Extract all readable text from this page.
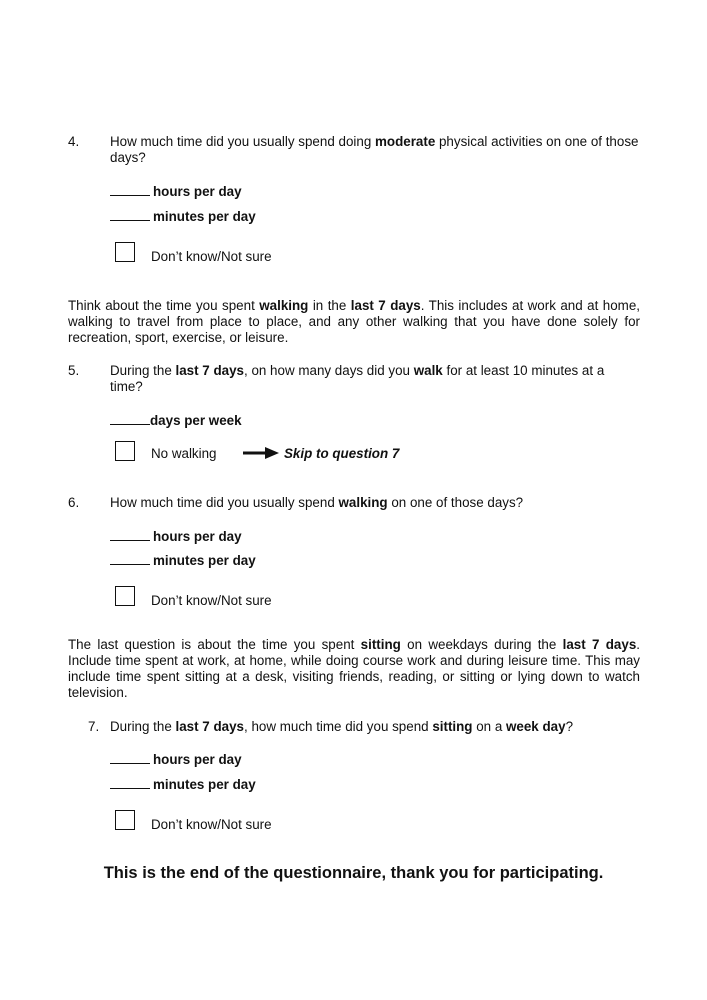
4. How much time did you usually spend doing moderate physical activities on one of those days?
hours per day
minutes per day
Don’t know/Not sure
Think about the time you spent walking in the last 7 days. This includes at work and at home, walking to travel from place to place, and any other walking that you have done solely for recreation, sport, exercise, or leisure.
5. During the last 7 days, on how many days did you walk for at least 10 minutes at a time?
days per week
No walking	Skip to question 7
6. How much time did you usually spend walking on one of those days?
hours per day
minutes per day
Don’t know/Not sure
The last question is about the time you spent sitting on weekdays during the last 7 days. Include time spent at work, at home, while doing course work and during leisure time. This may include time spent sitting at a desk, visiting friends, reading, or sitting or lying down to watch television.
7. During the last 7 days, how much time did you spend sitting on a week day?
hours per day
minutes per day
Don’t know/Not sure
This is the end of the questionnaire, thank you for participating.
